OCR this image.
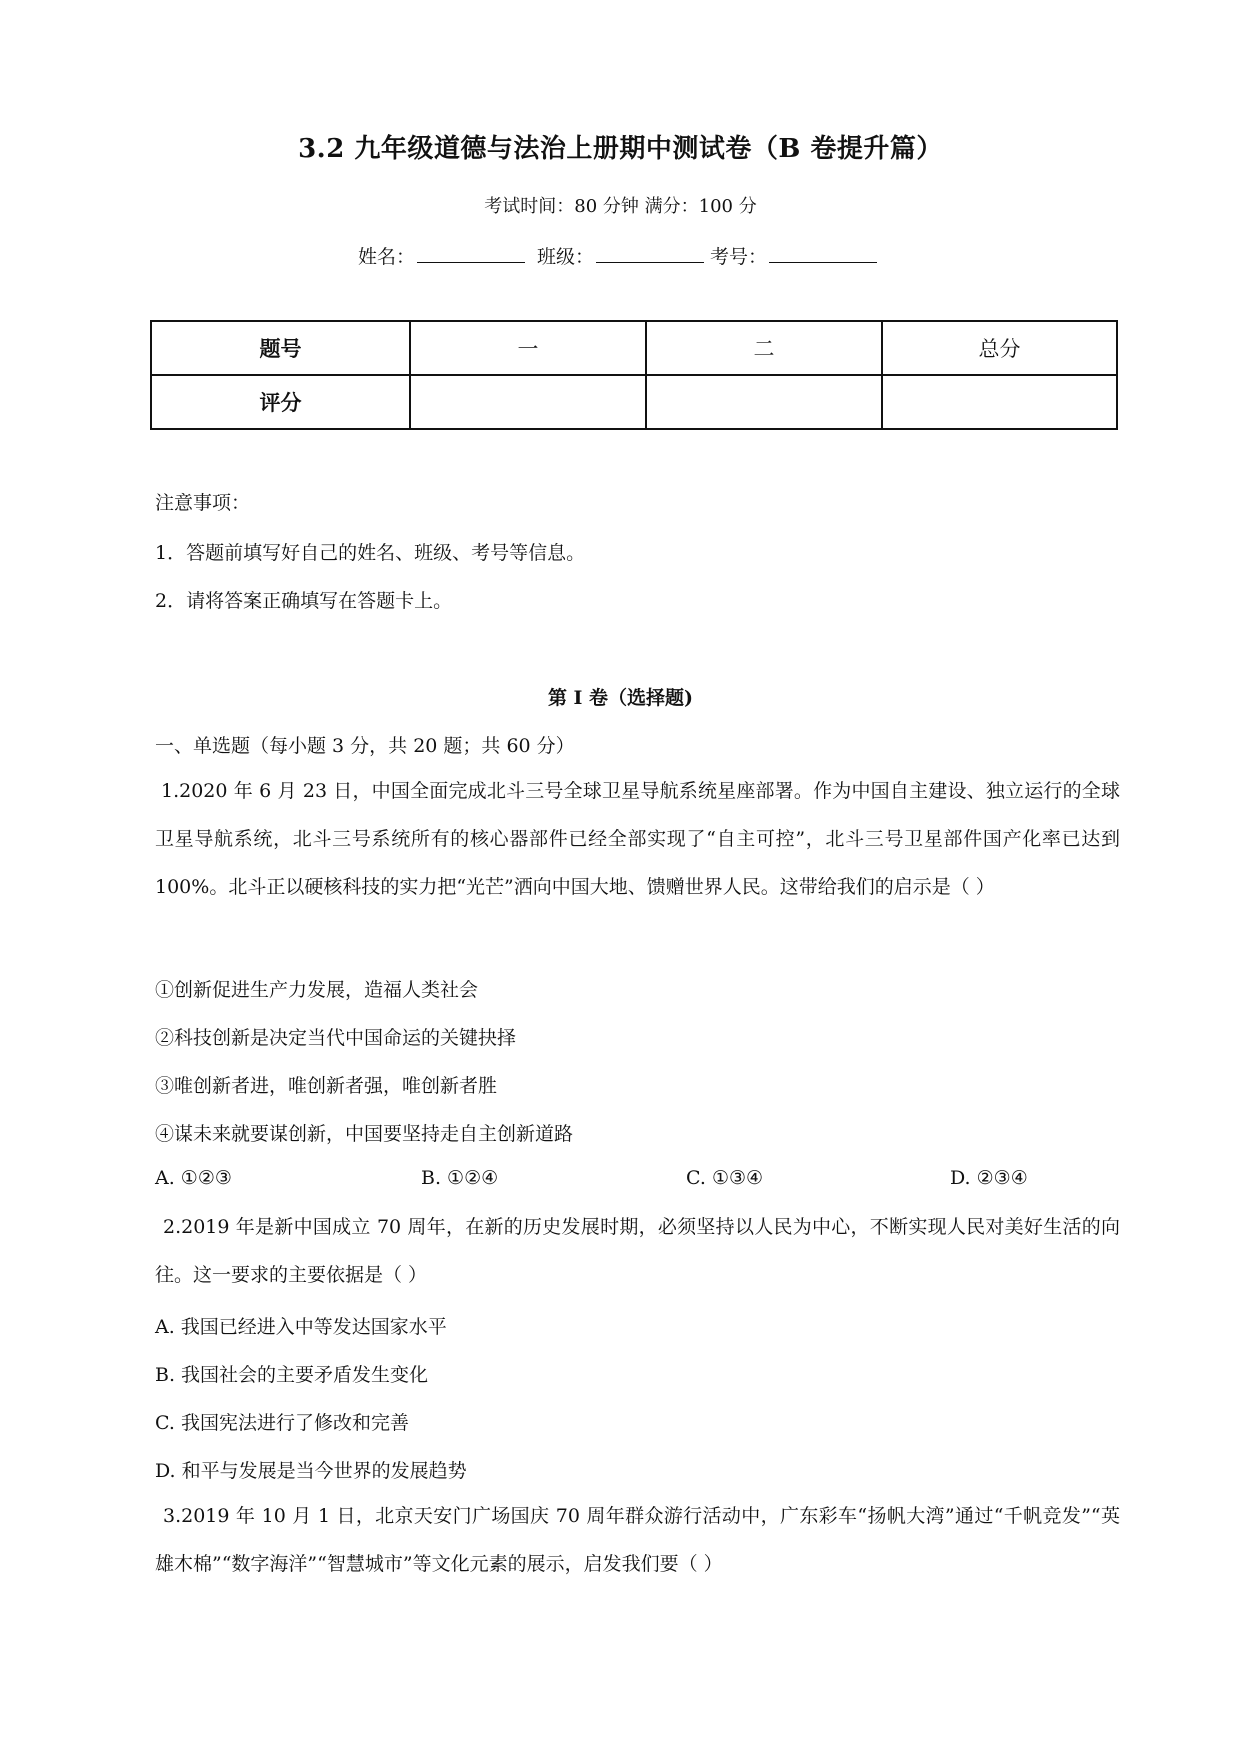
3.2 九年级道德与法治上册期中测试卷（B 卷提升篇）
考试时间：80 分钟 满分：100 分
姓名：	班级：	考号：
题号	一	二	总分
评分			
注意事项：
1．答题前填写好自己的姓名、班级、考号等信息。
2．请将答案正确填写在答题卡上。
第 I 卷（选择题)
一、单选题（每小题 3 分，共 20 题；共 60 分）
1.2020 年 6 月 23 日，中国全面完成北斗三号全球卫星导航系统星座部署。作为中国自主建设、独立运行的全球卫星导航系统，北斗三号系统所有的核心器部件已经全部实现了“自主可控”，北斗三号卫星部件国产化率已达到 100%。北斗正以硬核科技的实力把“光芒”洒向中国大地、馈赠世界人民。这带给我们的启示是（ ）
①创新促进生产力发展，造福人类社会
②科技创新是决定当代中国命运的关键抉择
③唯创新者进，唯创新者强，唯创新者胜
④谋未来就要谋创新，中国要坚持走自主创新道路
A. ①②③	B. ①②④	C. ①③④	D. ②③④
2.2019 年是新中国成立 70 周年，在新的历史发展时期，必须坚持以人民为中心，不断实现人民对美好生活的向往。这一要求的主要依据是（ ）
A. 我国已经进入中等发达国家水平
B. 我国社会的主要矛盾发生变化
C. 我国宪法进行了修改和完善
D. 和平与发展是当今世界的发展趋势
3.2019 年 10 月 1 日，北京天安门广场国庆 70 周年群众游行活动中，广东彩车“扬帆大湾”通过“千帆竞发”“英雄木棉”“数字海洋”“智慧城市”等文化元素的展示，启发我们要（ ）
